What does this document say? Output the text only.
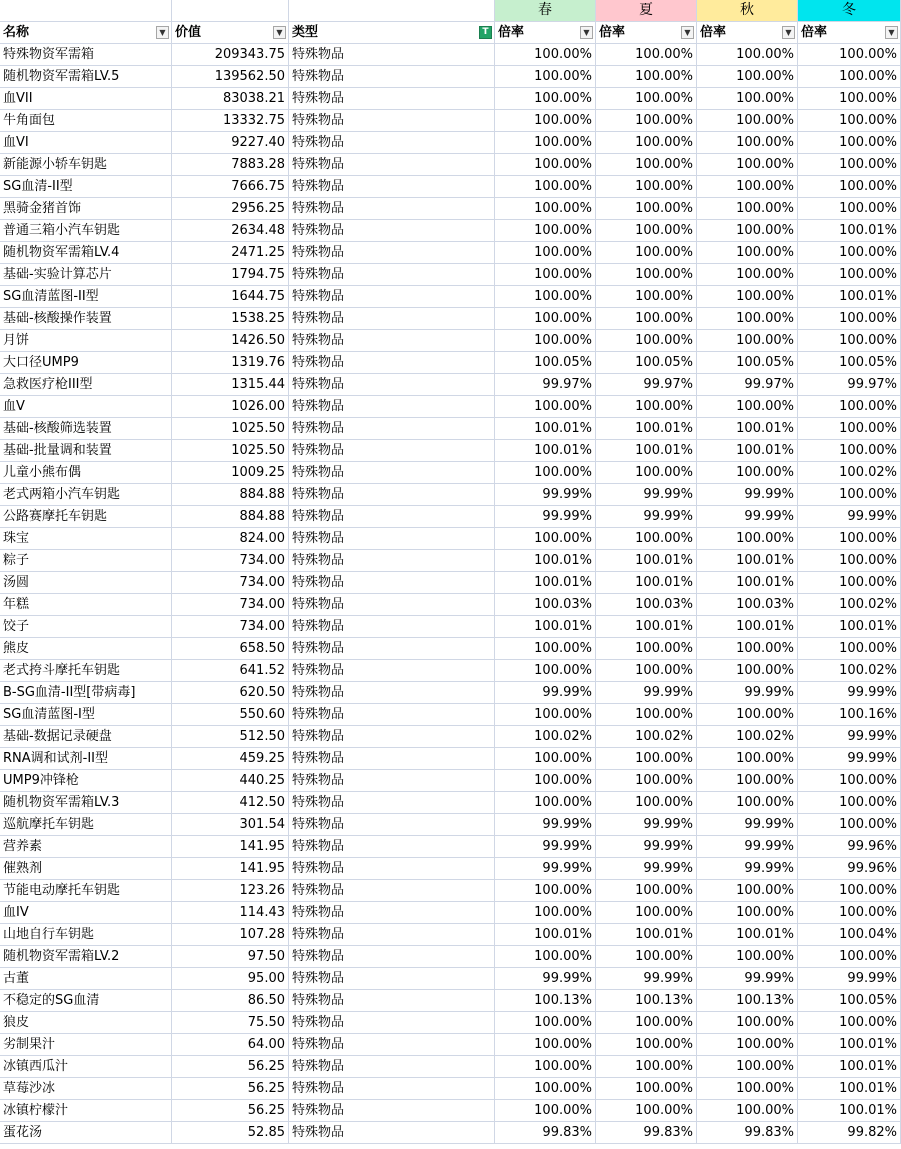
春	夏	秋	冬
名称	▼ 价值	▼ 类型	T 倍率	▼ 倍率	▼ 倍率	▼ 倍率	▼
特殊物资军需箱	209343.75 特殊物品	100.00%	100.00%	100.00%	100.00%
随机物资军需箱LV.5	139562.50 特殊物品	100.00%	100.00%	100.00%	100.00%
血VII	83038.21 特殊物品	100.00%	100.00%	100.00%	100.00%
牛角面包	13332.75 特殊物品	100.00%	100.00%	100.00%	100.00%
血VI	9227.40 特殊物品	100.00%	100.00%	100.00%	100.00%
新能源小轿车钥匙	7883.28 特殊物品	100.00%	100.00%	100.00%	100.00%
SG血清-II型	7666.75 特殊物品	100.00%	100.00%	100.00%	100.00%
黑骑金猪首饰	2956.25 特殊物品	100.00%	100.00%	100.00%	100.00%
普通三箱小汽车钥匙	2634.48 特殊物品	100.00%	100.00%	100.00%	100.01%
随机物资军需箱LV.4	2471.25 特殊物品	100.00%	100.00%	100.00%	100.00%
基础-实验计算芯片	1794.75 特殊物品	100.00%	100.00%	100.00%	100.00%
SG血清蓝图-II型	1644.75 特殊物品	100.00%	100.00%	100.00%	100.01%
基础-核酸操作装置	1538.25 特殊物品	100.00%	100.00%	100.00%	100.00%
月饼	1426.50 特殊物品	100.00%	100.00%	100.00%	100.00%
大口径UMP9	1319.76 特殊物品	100.05%	100.05%	100.05%	100.05%
急救医疗枪III型	1315.44 特殊物品	99.97%	99.97%	99.97%	99.97%
血V	1026.00 特殊物品	100.00%	100.00%	100.00%	100.00%
基础-核酸筛选装置	1025.50 特殊物品	100.01%	100.01%	100.01%	100.00%
基础-批量调和装置	1025.50 特殊物品	100.01%	100.01%	100.01%	100.00%
儿童小熊布偶	1009.25 特殊物品	100.00%	100.00%	100.00%	100.02%
老式两箱小汽车钥匙	884.88 特殊物品	99.99%	99.99%	99.99%	100.00%
公路赛摩托车钥匙	884.88 特殊物品	99.99%	99.99%	99.99%	99.99%
珠宝	824.00 特殊物品	100.00%	100.00%	100.00%	100.00%
粽子	734.00 特殊物品	100.01%	100.01%	100.01%	100.00%
汤圆	734.00 特殊物品	100.01%	100.01%	100.01%	100.00%
年糕	734.00 特殊物品	100.03%	100.03%	100.03%	100.02%
饺子	734.00 特殊物品	100.01%	100.01%	100.01%	100.01%
熊皮	658.50 特殊物品	100.00%	100.00%	100.00%	100.00%
老式挎斗摩托车钥匙	641.52 特殊物品	100.00%	100.00%	100.00%	100.02%
B-SG血清-II型[带病毒]	620.50 特殊物品	99.99%	99.99%	99.99%	99.99%
SG血清蓝图-I型	550.60 特殊物品	100.00%	100.00%	100.00%	100.16%
基础-数据记录硬盘	512.50 特殊物品	100.02%	100.02%	100.02%	99.99%
RNA调和试剂-II型	459.25 特殊物品	100.00%	100.00%	100.00%	99.99%
UMP9冲锋枪	440.25 特殊物品	100.00%	100.00%	100.00%	100.00%
随机物资军需箱LV.3	412.50 特殊物品	100.00%	100.00%	100.00%	100.00%
巡航摩托车钥匙	301.54 特殊物品	99.99%	99.99%	99.99%	100.00%
营养素	141.95 特殊物品	99.99%	99.99%	99.99%	99.96%
催熟剂	141.95 特殊物品	99.99%	99.99%	99.99%	99.96%
节能电动摩托车钥匙	123.26 特殊物品	100.00%	100.00%	100.00%	100.00%
血IV	114.43 特殊物品	100.00%	100.00%	100.00%	100.00%
山地自行车钥匙	107.28 特殊物品	100.01%	100.01%	100.01%	100.04%
随机物资军需箱LV.2	97.50 特殊物品	100.00%	100.00%	100.00%	100.00%
古董	95.00 特殊物品	99.99%	99.99%	99.99%	99.99%
不稳定的SG血清	86.50 特殊物品	100.13%	100.13%	100.13%	100.05%
狼皮	75.50 特殊物品	100.00%	100.00%	100.00%	100.00%
劣制果汁	64.00 特殊物品	100.00%	100.00%	100.00%	100.01%
冰镇西瓜汁	56.25 特殊物品	100.00%	100.00%	100.00%	100.01%
草莓沙冰	56.25 特殊物品	100.00%	100.00%	100.00%	100.01%
冰镇柠檬汁	56.25 特殊物品	100.00%	100.00%	100.00%	100.01%
蛋花汤	52.85 特殊物品	99.83%	99.83%	99.83%	99.82%
